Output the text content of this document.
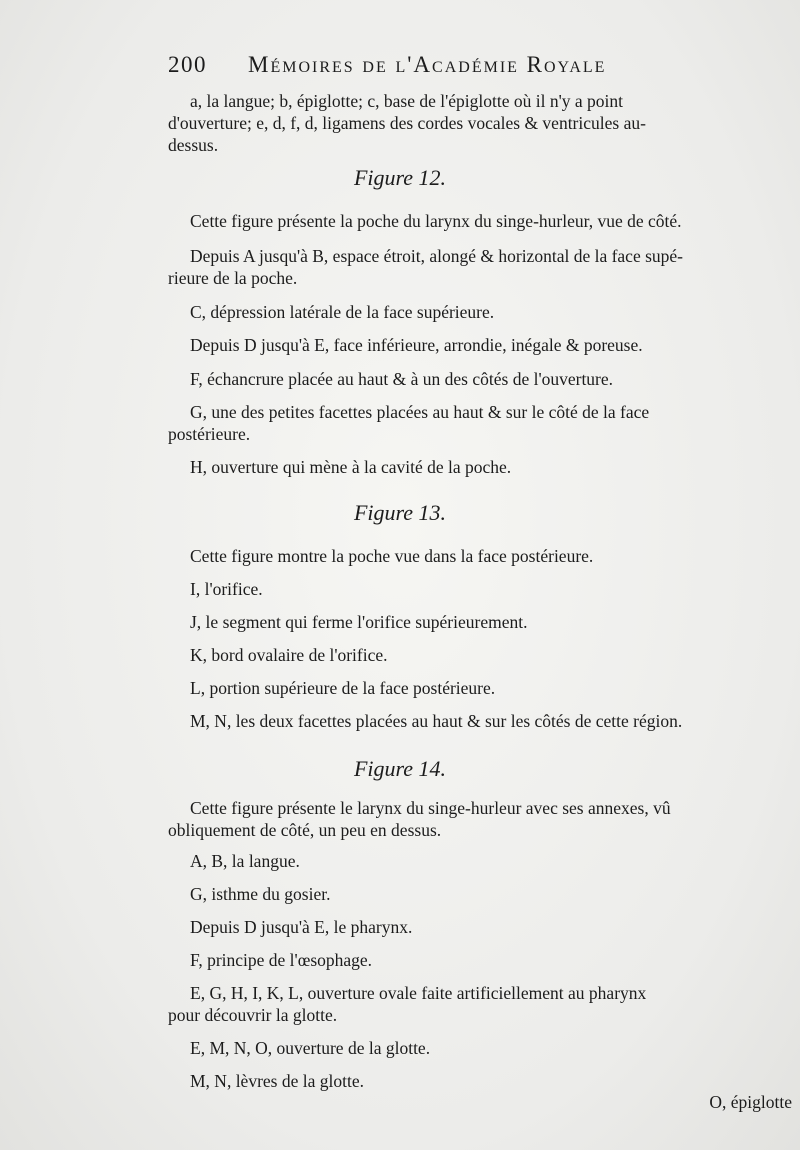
200 Mémoires de l'Académie Royale
a, la langue; b, épiglotte; c, base de l'épiglotte où il n'y a point
d'ouverture; e, d, f, d, ligamens des cordes vocales & ventricules au-
dessus.
Figure 12.
Cette figure présente la poche du larynx du singe-hurleur, vue de côté.
Depuis A jusqu'à B, espace étroit, alongé & horizontal de la face supé-
rieure de la poche.
C, dépression latérale de la face supérieure.
Depuis D jusqu'à E, face inférieure, arrondie, inégale & poreuse.
F, échancrure placée au haut & à un des côtés de l'ouverture.
G, une des petites facettes placées au haut & sur le côté de la face
postérieure.
H, ouverture qui mène à la cavité de la poche.
Figure 13.
Cette figure montre la poche vue dans la face postérieure.
I, l'orifice.
J, le segment qui ferme l'orifice supérieurement.
K, bord ovalaire de l'orifice.
L, portion supérieure de la face postérieure.
M, N, les deux facettes placées au haut & sur les côtés de cette région.
Figure 14.
Cette figure présente le larynx du singe-hurleur avec ses annexes, vû
obliquement de côté, un peu en dessus.
A, B, la langue.
G, isthme du gosier.
Depuis D jusqu'à E, le pharynx.
F, principe de l'œsophage.
E, G, H, I, K, L, ouverture ovale faite artificiellement au pharynx
pour découvrir la glotte.
E, M, N, O, ouverture de la glotte.
M, N, lèvres de la glotte.
O, épiglotte
